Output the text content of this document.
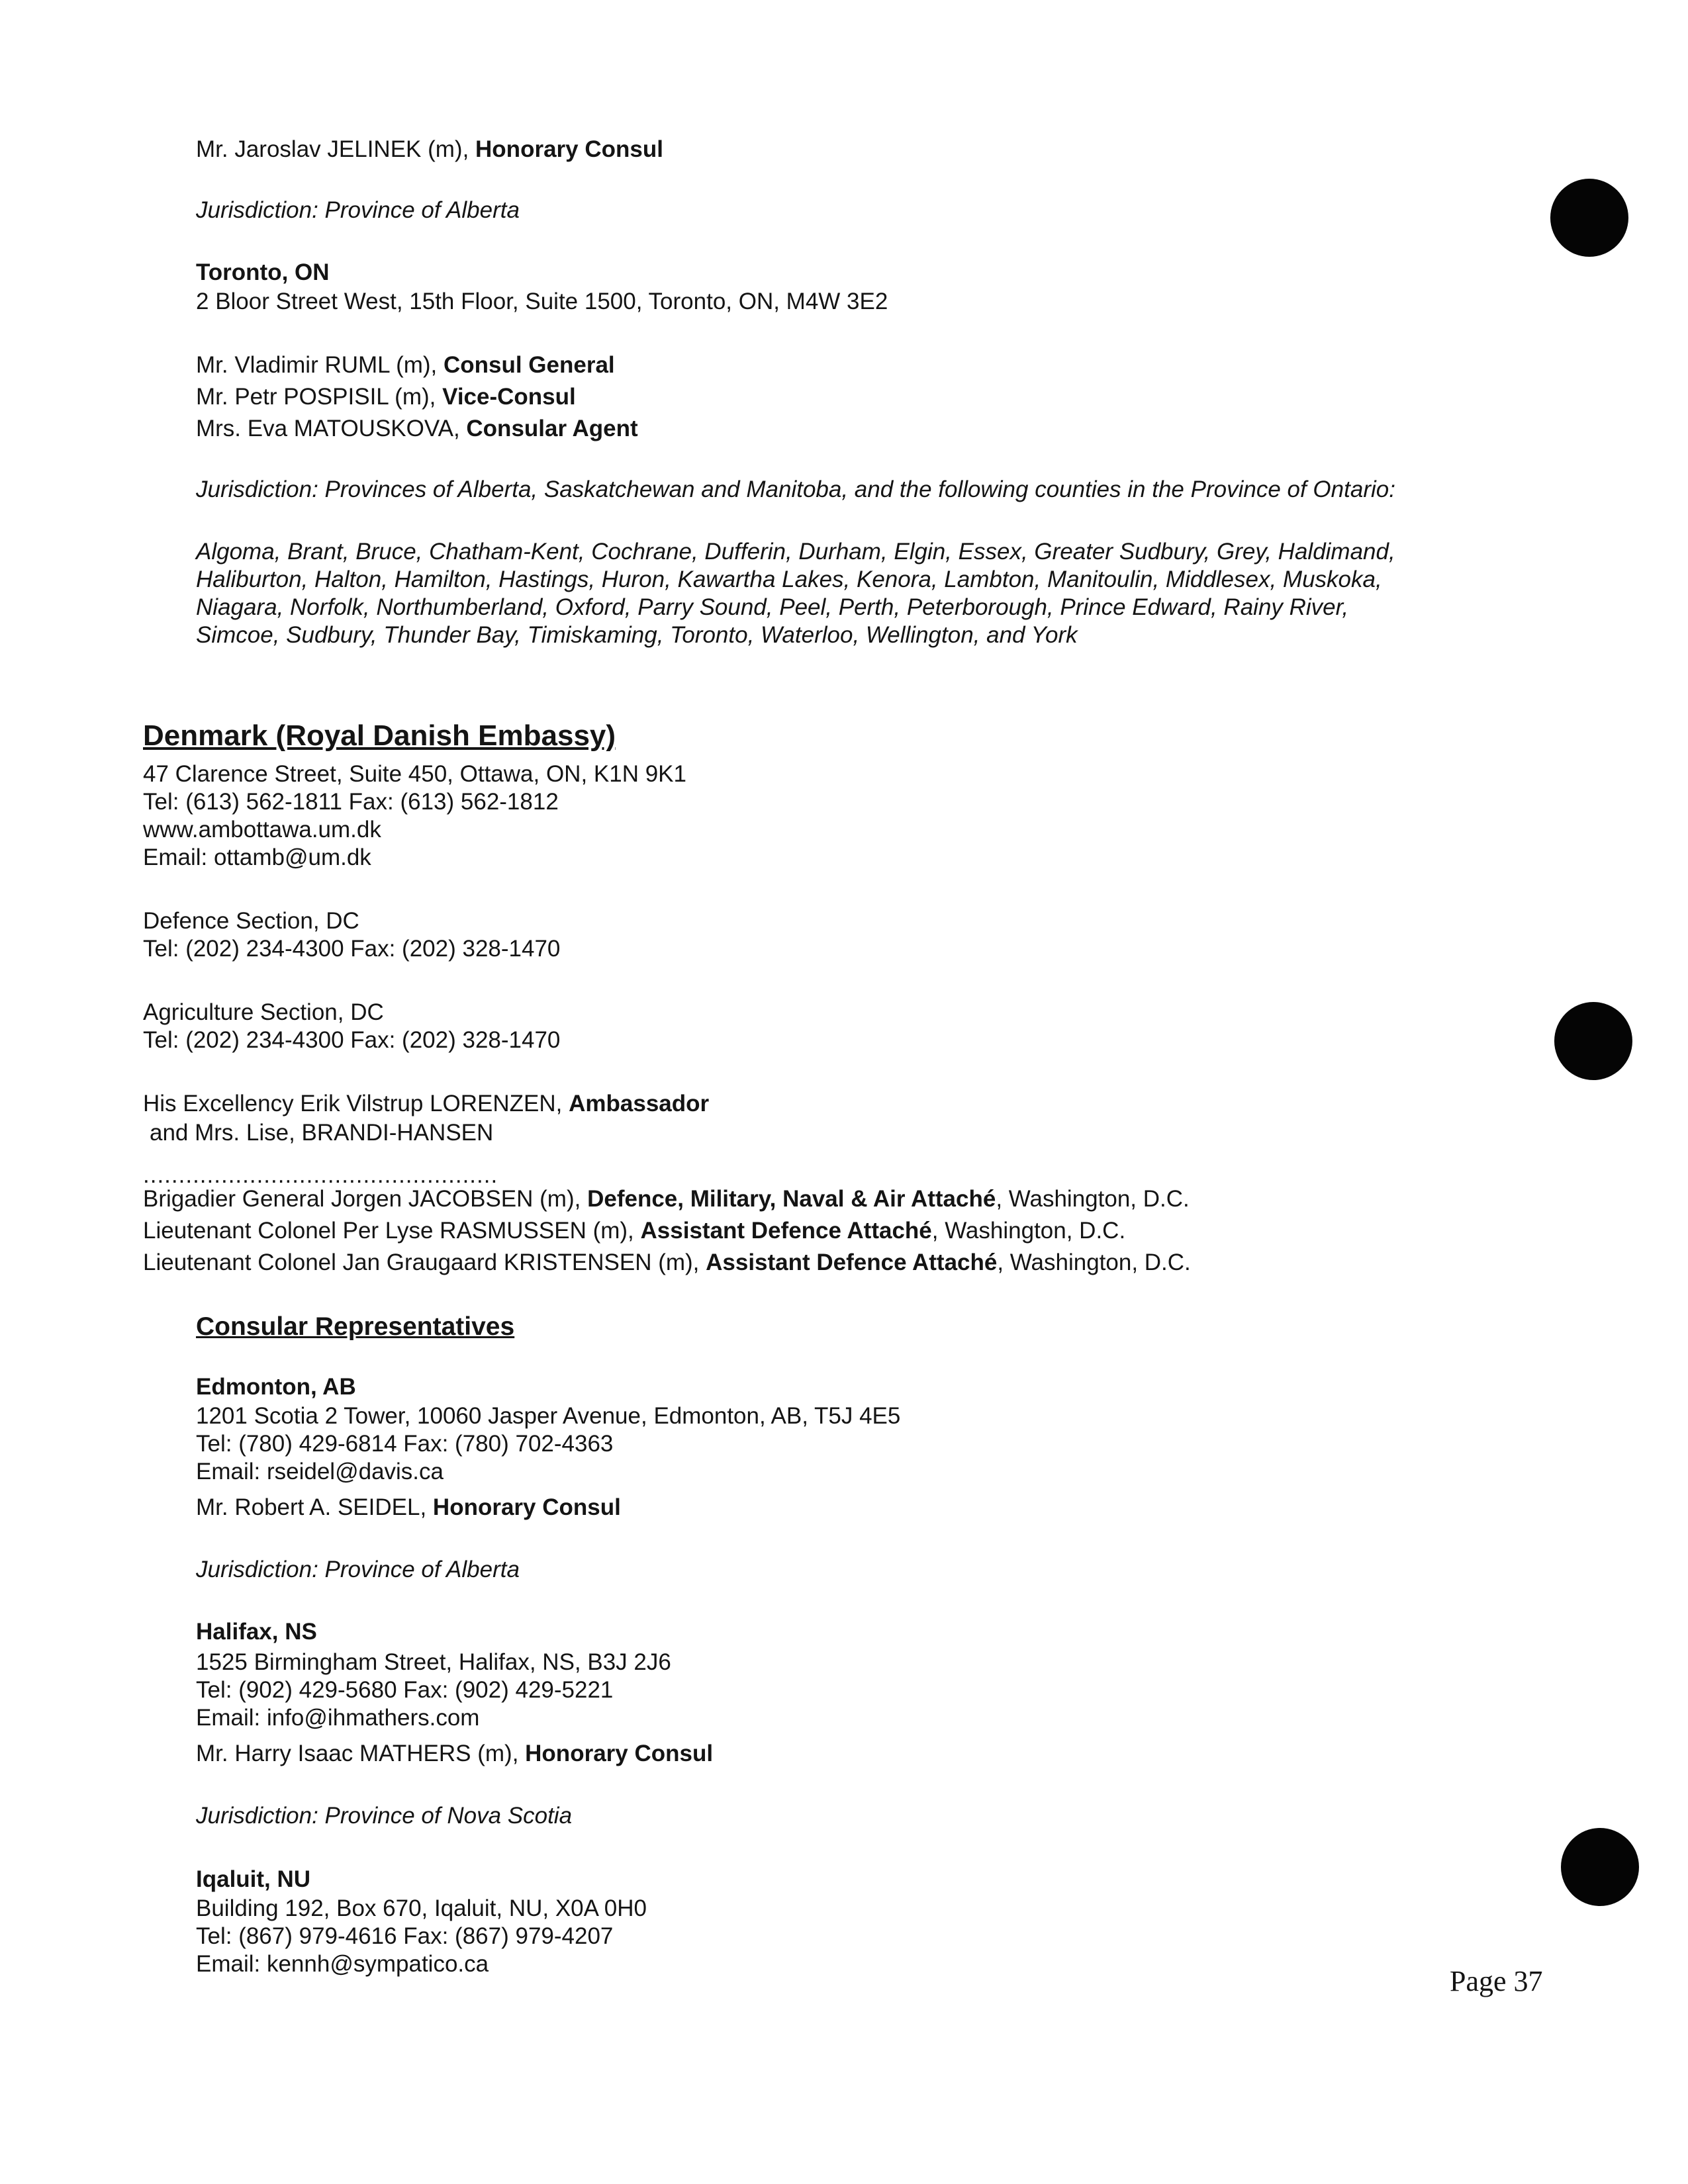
Mr. Jaroslav JELINEK (m), Honorary Consul
Jurisdiction: Province of Alberta
Toronto, ON
2 Bloor Street West, 15th Floor, Suite 1500, Toronto, ON, M4W 3E2
Mr. Vladimir RUML (m), Consul General
Mr. Petr POSPISIL (m), Vice-Consul
Mrs. Eva MATOUSKOVA, Consular Agent
Jurisdiction: Provinces of Alberta, Saskatchewan and Manitoba, and the following counties in the Province of Ontario:
Algoma, Brant, Bruce, Chatham-Kent, Cochrane, Dufferin, Durham, Elgin, Essex, Greater Sudbury, Grey, Haldimand,
Haliburton, Halton, Hamilton, Hastings, Huron, Kawartha Lakes, Kenora, Lambton, Manitoulin, Middlesex, Muskoka,
Niagara, Norfolk, Northumberland, Oxford, Parry Sound, Peel, Perth, Peterborough, Prince Edward, Rainy River,
Simcoe, Sudbury, Thunder Bay, Timiskaming, Toronto, Waterloo, Wellington, and York
Denmark (Royal Danish Embassy)
47 Clarence Street, Suite 450, Ottawa, ON, K1N 9K1
Tel: (613) 562-1811 Fax: (613) 562-1812
www.ambottawa.um.dk
Email: ottamb@um.dk
Defence Section, DC
Tel: (202) 234-4300 Fax: (202) 328-1470
Agriculture Section, DC
Tel: (202) 234-4300 Fax: (202) 328-1470
His Excellency Erik Vilstrup LORENZEN, Ambassador
and Mrs. Lise, BRANDI-HANSEN
..................................................
Brigadier General Jorgen JACOBSEN (m), Defence, Military, Naval & Air Attaché, Washington, D.C.
Lieutenant Colonel Per Lyse RASMUSSEN (m), Assistant Defence Attaché, Washington, D.C.
Lieutenant Colonel Jan Graugaard KRISTENSEN (m), Assistant Defence Attaché, Washington, D.C.
Consular Representatives
Edmonton, AB
1201 Scotia 2 Tower, 10060 Jasper Avenue, Edmonton, AB, T5J 4E5
Tel: (780) 429-6814 Fax: (780) 702-4363
Email: rseidel@davis.ca
Mr. Robert A. SEIDEL, Honorary Consul
Jurisdiction: Province of Alberta
Halifax, NS
1525 Birmingham Street, Halifax, NS, B3J 2J6
Tel: (902) 429-5680 Fax: (902) 429-5221
Email: info@ihmathers.com
Mr. Harry Isaac MATHERS (m), Honorary Consul
Jurisdiction: Province of Nova Scotia
Iqaluit, NU
Building 192, Box 670, Iqaluit, NU, X0A 0H0
Tel: (867) 979-4616 Fax: (867) 979-4207
Email: kennh@sympatico.ca
Page 37
